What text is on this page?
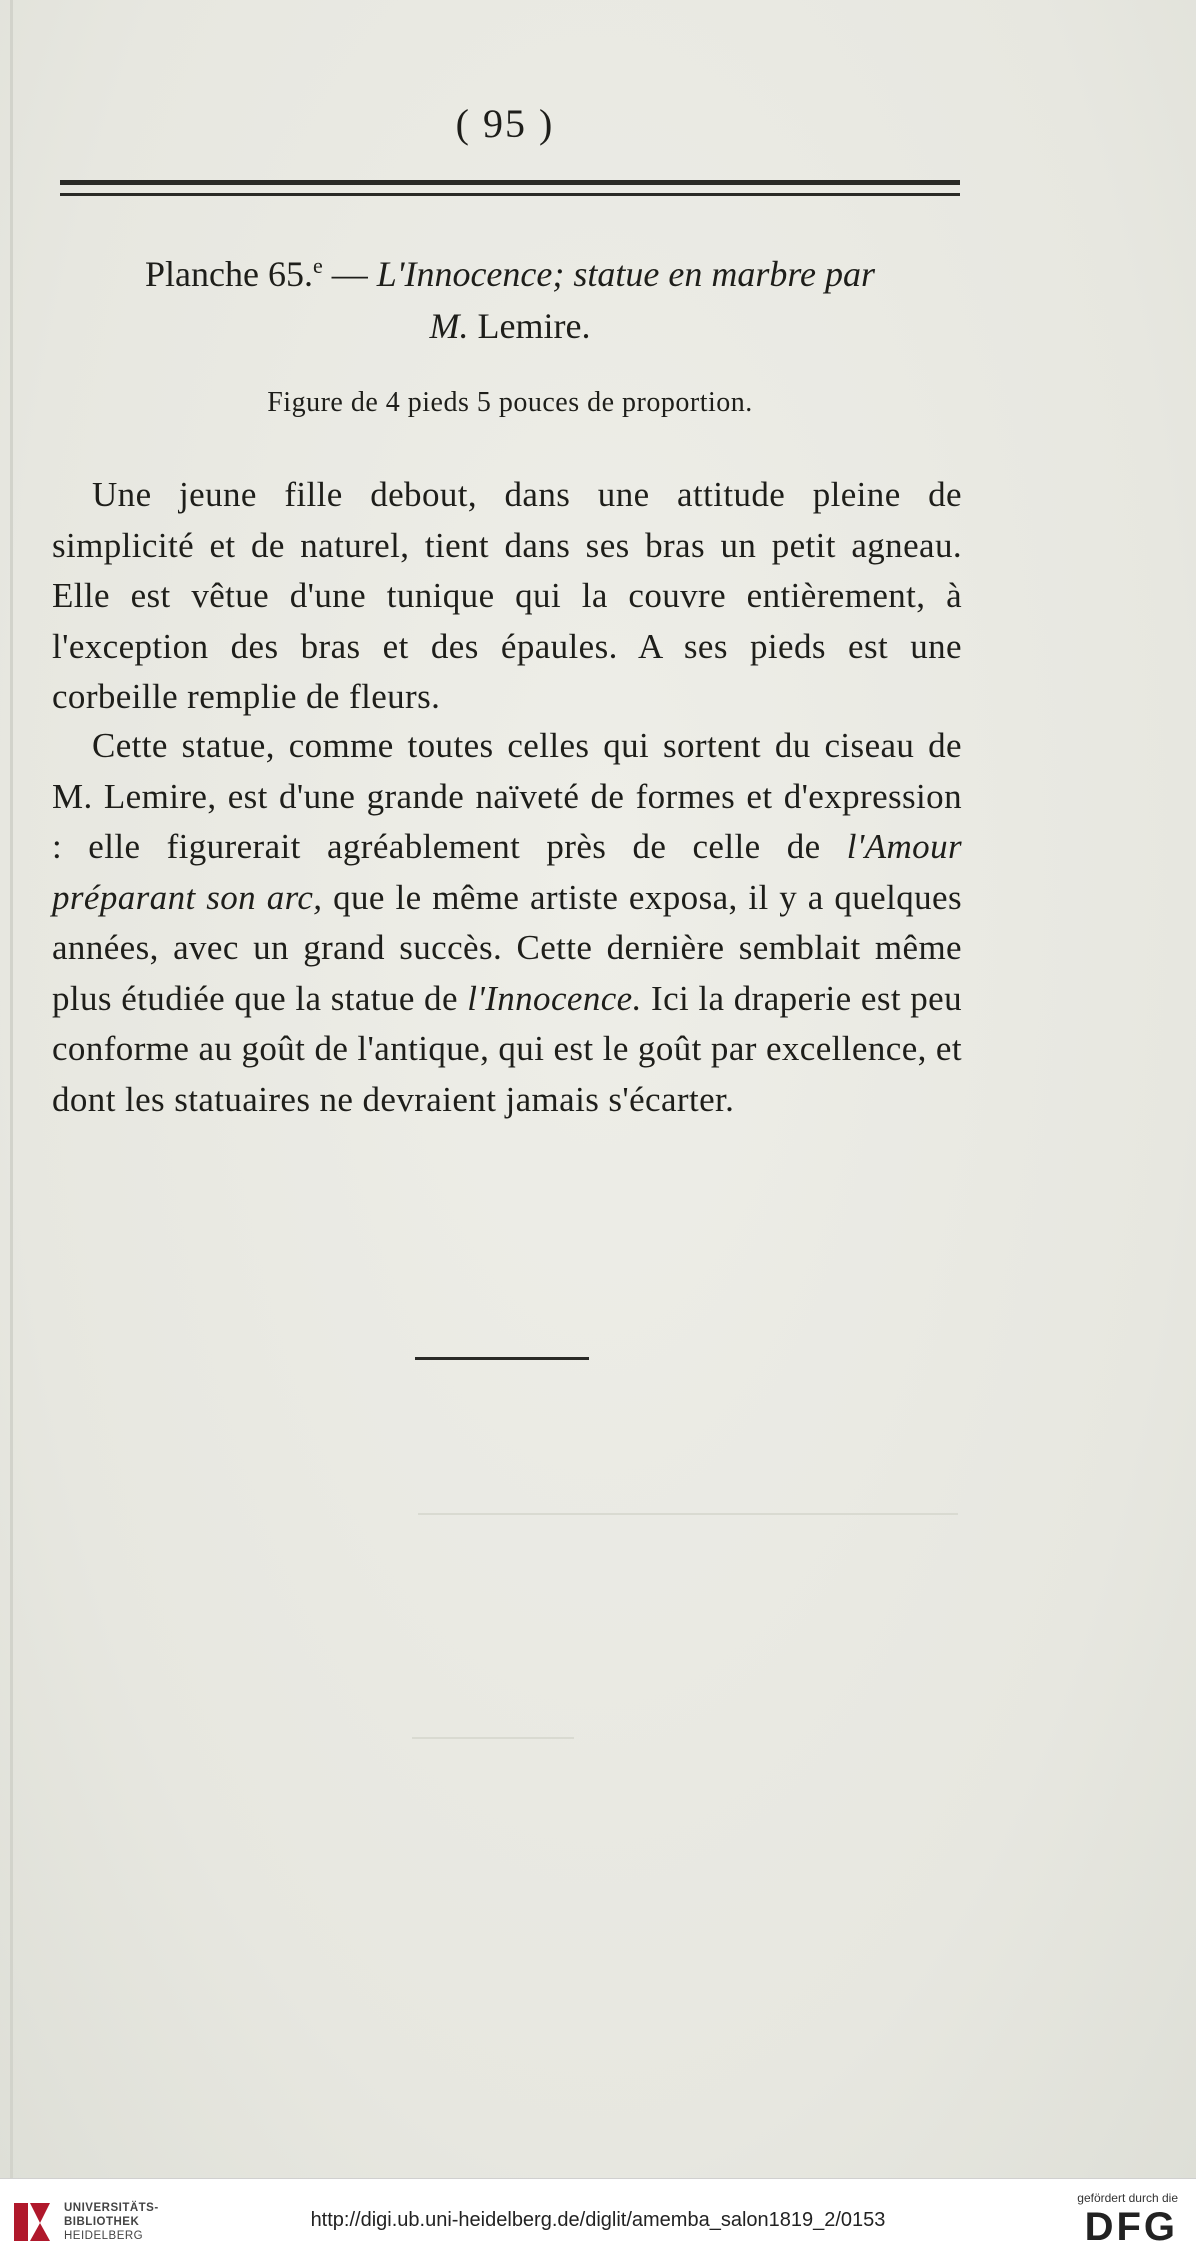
( 95 )
Planche 65.$^e$ — L'Innocence; statue en marbre par
M. Lemire.
Figure de 4 pieds 5 pouces de proportion.

Une jeune fille debout, dans une attitude pleine de simplicité et de naturel, tient dans ses bras un petit agneau. Elle est vêtue d'une tunique qui la couvre entièrement, à l'exception des bras et des épaules. A ses pieds est une corbeille remplie de fleurs.

Cette statue, comme toutes celles qui sortent du ciseau de M. Lemire, est d'une grande naïveté de formes et d'expression : elle figurerait agréablement près de celle de l'Amour préparant son arc, que le même artiste exposa, il y a quelques années, avec un grand succès. Cette dernière semblait même plus étudiée que la statue de l'Innocence. Ici la draperie est peu conforme au goût de l'antique, qui est le goût par excellence, et dont les statuaires ne devraient jamais s'écarter.

UNIVERSITÄTS-
BIBLIOTHEK
HEIDELBERG
http://digi.ub.uni-heidelberg.de/diglit/amemba_salon1819_2/0153
gefördert durch die
DFG
